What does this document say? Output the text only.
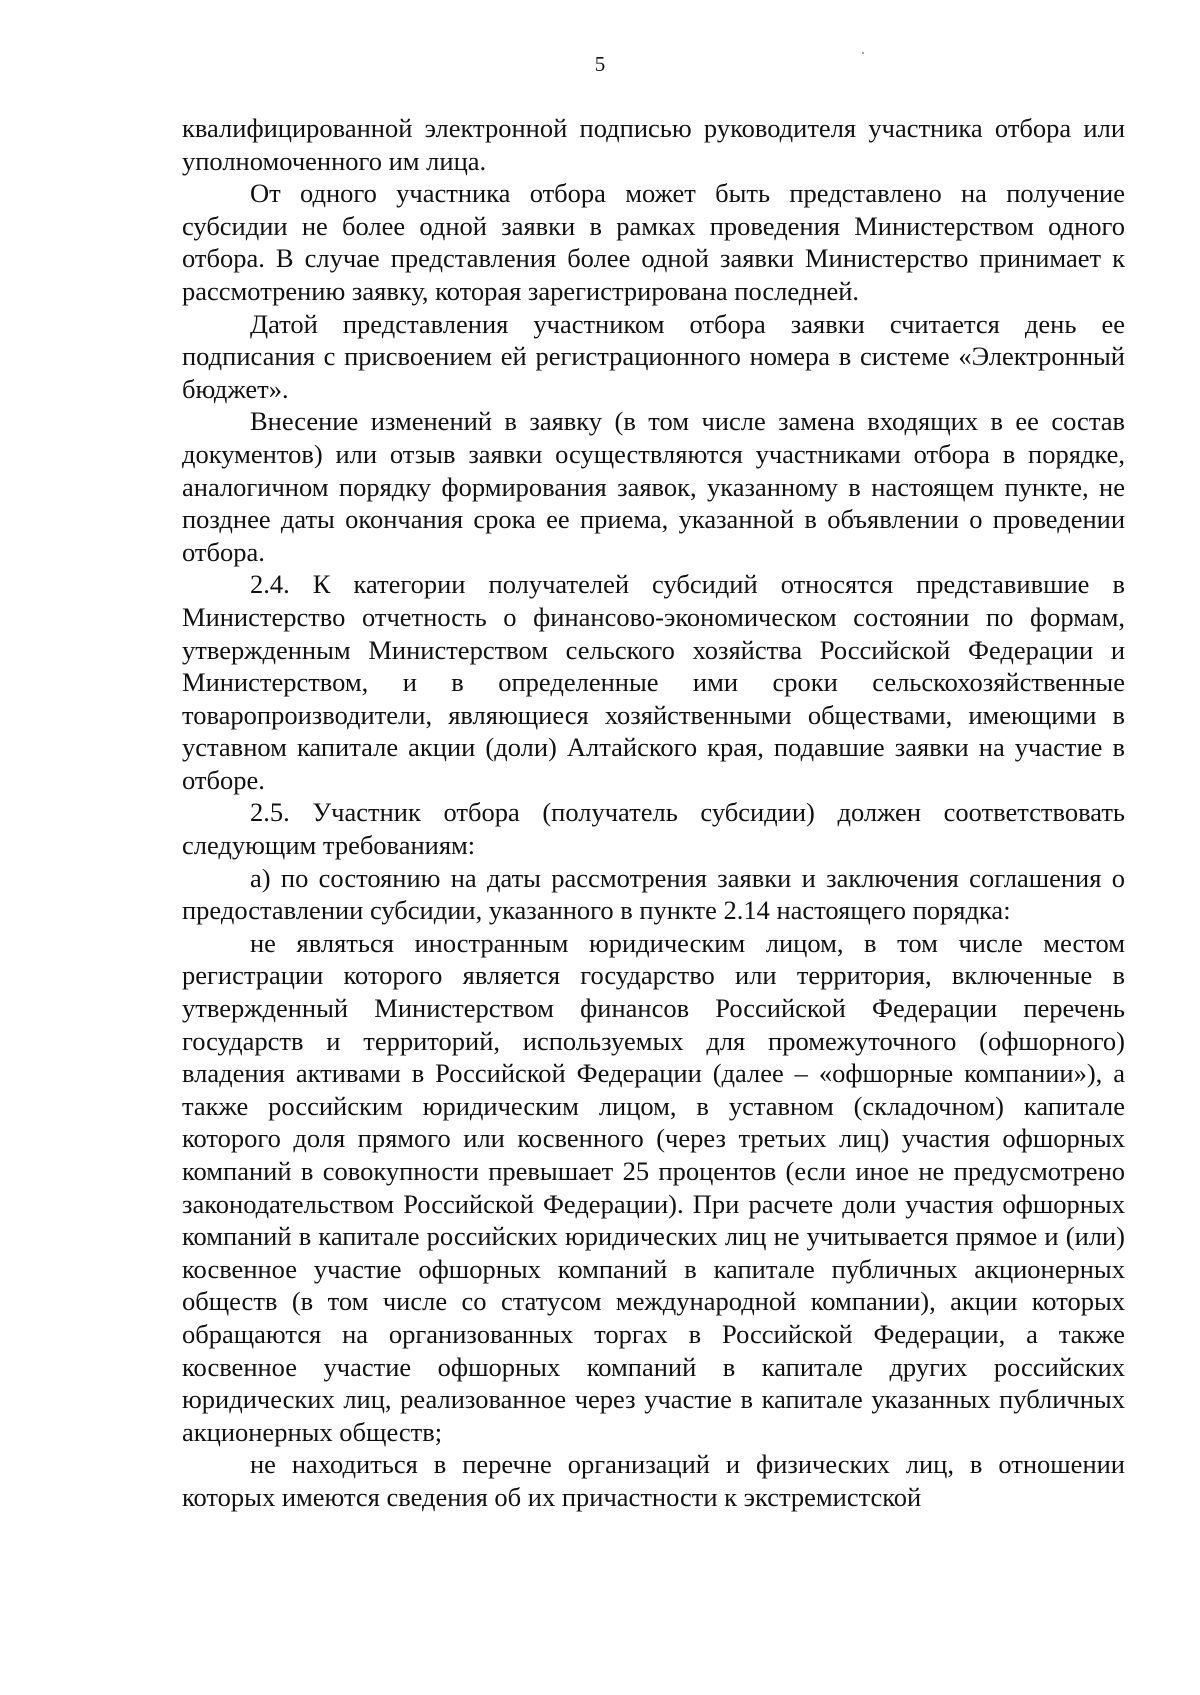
5

квалифицированной электронной подписью руководителя участника отбора или уполномоченного им лица.

От одного участника отбора может быть представлено на получение субсидии не более одной заявки в рамках проведения Министерством одного отбора. В случае представления более одной заявки Министерство принимает к рассмотрению заявку, которая зарегистрирована последней.

Датой представления участником отбора заявки считается день ее подписания с присвоением ей регистрационного номера в системе «Электронный бюджет».

Внесение изменений в заявку (в том числе замена входящих в ее состав документов) или отзыв заявки осуществляются участниками отбора в порядке, аналогичном порядку формирования заявок, указанному в настоящем пункте, не позднее даты окончания срока ее приема, указанной в объявлении о проведении отбора.

2.4. К категории получателей субсидий относятся представившие в Министерство отчетность о финансово-экономическом состоянии по формам, утвержденным Министерством сельского хозяйства Российской Федерации и Министерством, и в определенные ими сроки сельскохозяйственные товаропроизводители, являющиеся хозяйственными обществами, имеющими в уставном капитале акции (доли) Алтайского края, подавшие заявки на участие в отборе.

2.5. Участник отбора (получатель субсидии) должен соответствовать следующим требованиям:

а) по состоянию на даты рассмотрения заявки и заключения соглашения о предоставлении субсидии, указанного в пункте 2.14 настоящего порядка:

не являться иностранным юридическим лицом, в том числе местом регистрации которого является государство или территория, включенные в утвержденный Министерством финансов Российской Федерации перечень государств и территорий, используемых для промежуточного (офшорного) владения активами в Российской Федерации (далее – «офшорные компании»), а также российским юридическим лицом, в уставном (складочном) капитале которого доля прямого или косвенного (через третьих лиц) участия офшорных компаний в совокупности превышает 25 процентов (если иное не предусмотрено законодательством Российской Федерации). При расчете доли участия офшорных компаний в капитале российских юридических лиц не учитывается прямое и (или) косвенное участие офшорных компаний в капитале публичных акционерных обществ (в том числе со статусом международной компании), акции которых обращаются на организованных торгах в Российской Федерации, а также косвенное участие офшорных компаний в капитале других российских юридических лиц, реализованное через участие в капитале указанных публичных акционерных обществ;

не находиться в перечне организаций и физических лиц, в отношении которых имеются сведения об их причастности к экстремистской
